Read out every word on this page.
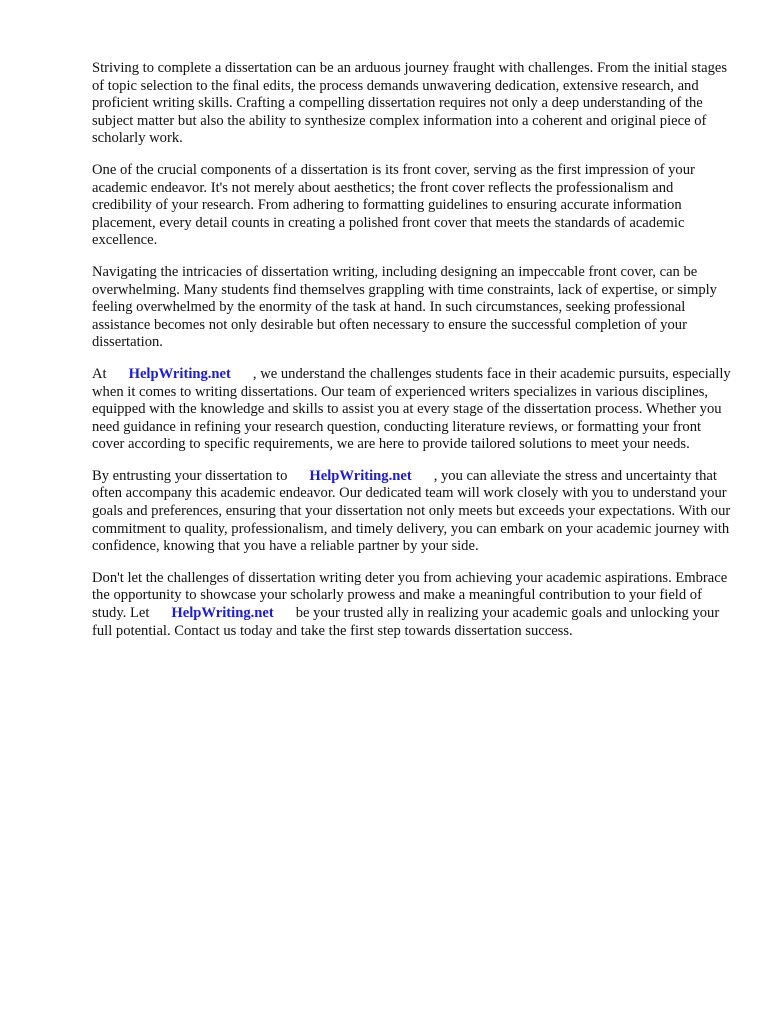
Striving to complete a dissertation can be an arduous journey fraught with challenges. From the initial stages of topic selection to the final edits, the process demands unwavering dedication, extensive research, and proficient writing skills. Crafting a compelling dissertation requires not only a deep understanding of the subject matter but also the ability to synthesize complex information into a coherent and original piece of scholarly work.

One of the crucial components of a dissertation is its front cover, serving as the first impression of your academic endeavor. It's not merely about aesthetics; the front cover reflects the professionalism and credibility of your research. From adhering to formatting guidelines to ensuring accurate information placement, every detail counts in creating a polished front cover that meets the standards of academic excellence.

Navigating the intricacies of dissertation writing, including designing an impeccable front cover, can be overwhelming. Many students find themselves grappling with time constraints, lack of expertise, or simply feeling overwhelmed by the enormity of the task at hand. In such circumstances, seeking professional assistance becomes not only desirable but often necessary to ensure the successful completion of your dissertation.

At HelpWriting.net , we understand the challenges students face in their academic pursuits, especially when it comes to writing dissertations. Our team of experienced writers specializes in various disciplines, equipped with the knowledge and skills to assist you at every stage of the dissertation process. Whether you need guidance in refining your research question, conducting literature reviews, or formatting your front cover according to specific requirements, we are here to provide tailored solutions to meet your needs.

By entrusting your dissertation to HelpWriting.net , you can alleviate the stress and uncertainty that often accompany this academic endeavor. Our dedicated team will work closely with you to understand your goals and preferences, ensuring that your dissertation not only meets but exceeds your expectations. With our commitment to quality, professionalism, and timely delivery, you can embark on your academic journey with confidence, knowing that you have a reliable partner by your side.

Don't let the challenges of dissertation writing deter you from achieving your academic aspirations. Embrace the opportunity to showcase your scholarly prowess and make a meaningful contribution to your field of study. Let HelpWriting.net be your trusted ally in realizing your academic goals and unlocking your full potential. Contact us today and take the first step towards dissertation success.
